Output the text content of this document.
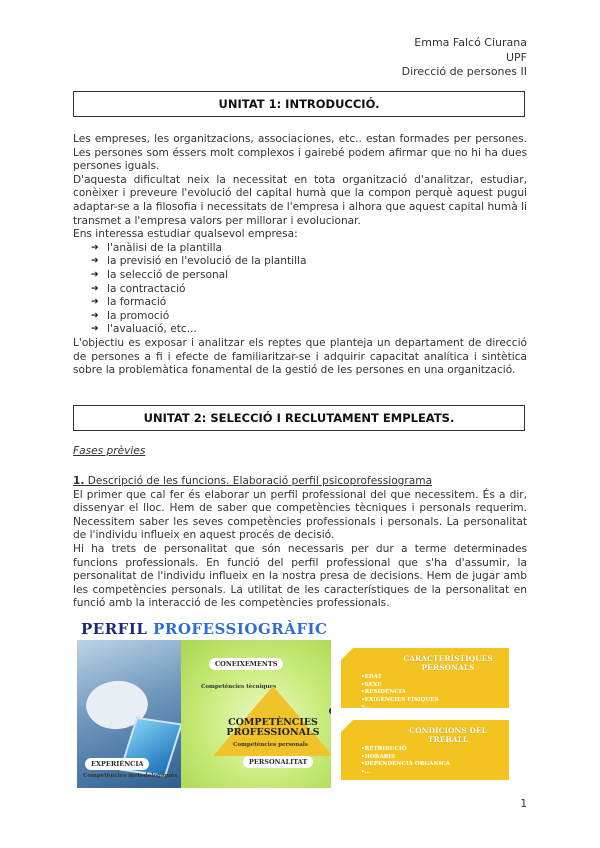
Emma Falcó Ciurana
UPF
Direcció de persones II
UNITAT 1: INTRODUCCIÓ.

Les empreses, les organitzacions, associaciones, etc.. estan formades per persones. Les persones som éssers molt complexos i gairebé podem afirmar que no hi ha dues persones iguals.

D'aquesta dificultat neix la necessitat en tota organització d'analitzar, estudiar, conèixer i preveure l'evolució del capital humà que la compon perquè aquest pugui adaptar-se a la filosofia i necessitats de l'empresa i alhora que aquest capital humà li transmet a l'empresa valors per millorar i evolucionar.

Ens interessa estudiar qualsevol empresa:

➔ l'anàlisi de la plantilla
➔ la previsió en l'evolució de la plantilla
➔ la selecció de personal
➔ la contractació
➔ la formació
➔ la promoció
➔ l'avaluació, etc...

L'objectiu es exposar i analitzar els reptes que planteja un departament de direcció de persones a fi i efecte de familiaritzar-se i adquirir capacitat analítica i sintètica sobre la problemàtica fonamental de la gestió de les persones en una organització.

UNITAT 2: SELECCIÓ I RECLUTAMENT EMPLEATS.
Fases prèvies

1. Descripció de les funcions. Elaboració perfil psicoprofessiograma

El primer que cal fer és elaborar un perfil professional del que necessitem. És a dir, dissenyar el lloc. Hem de saber que competències tècniques i personals requerim. Necessitem saber les seves competències professionals i personals. La personalitat de l'individu influeix en aquest procés de decisió.

Hi ha trets de personalitat que són necessaris per dur a terme determinades funcions professionals. En funció del perfil professional que s'ha d'assumir, la personalitat de l'individu influeix en la nostra presa de decisions. Hem de jugar amb les competències personals. La utilitat de les característiques de la personalitat en funció amb la interacció de les competències professionals.

PERFIL PROFESSIOGRÀFIC
CONEIXEMENTS
Competències tècniques
COMPETÈNCIES PROFESSIONALS
Competències personals
PERSONALITAT
EXPERIÈNCIA
Competències metodològiques
CARACTERÍSTIQUES PERSONALS
• EDAT
• SEXE
• RESIDÈNCIA
• EXIGÈNCIES FÍSIQUES
• ...
CONDICIONS DEL TREBALL
• RETRIBUCIÓ
• HORARIS
• DEPENDÈNCIA ORGÀNICA
• ...
1
